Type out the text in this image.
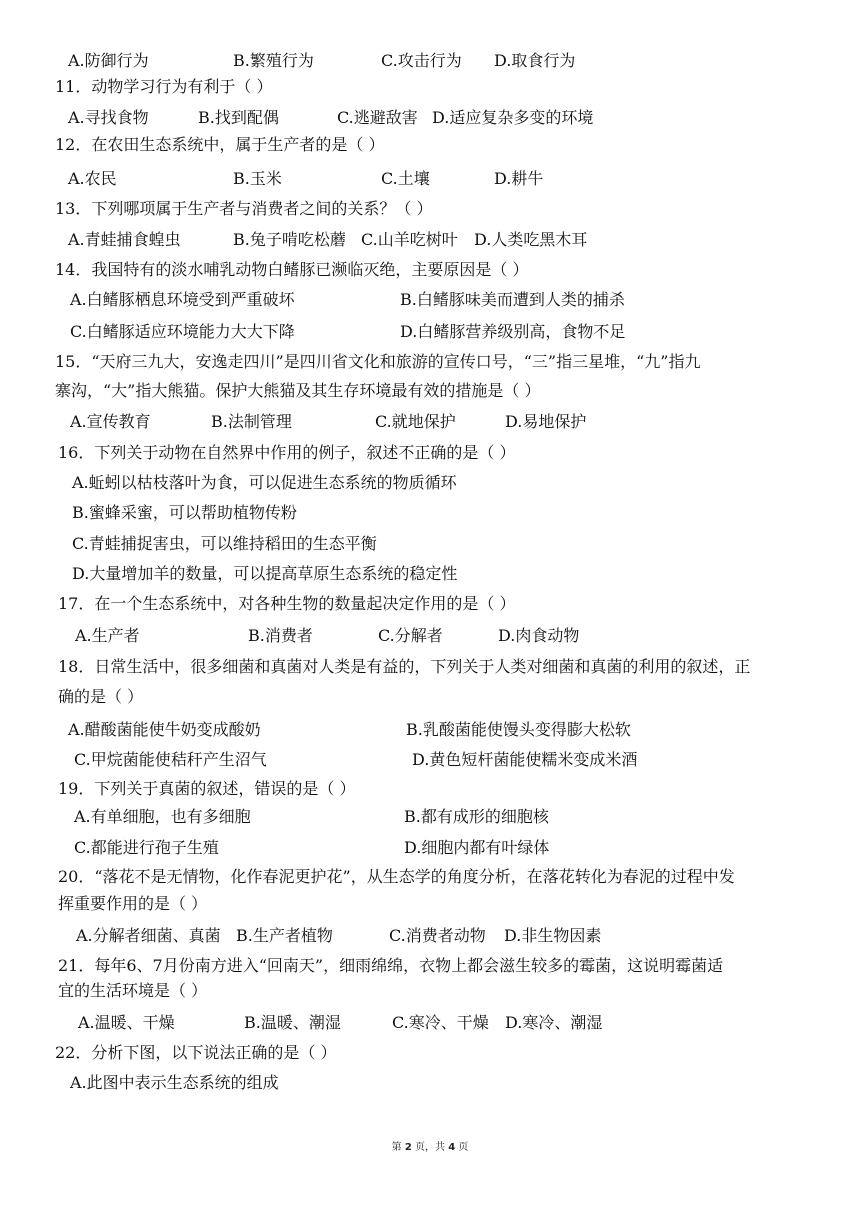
A.防御行为	B.繁殖行为	C.攻击行为 D.取食行为
11．动物学习行为有利于（ ）
A.寻找食物	B.找到配偶	C.逃避敌害 D.适应复杂多变的环境
12．在农田生态系统中，属于生产者的是（ ）
A.农民	B.玉米	C.土壤	D.耕牛
13．下列哪项属于生产者与消费者之间的关系？（ ）
A.青蛙捕食蝗虫	B.兔子啃吃松蘑 C.山羊吃树叶 D.人类吃黑木耳
14．我国特有的淡水哺乳动物白鳍豚已濒临灭绝，主要原因是（ ）
A.白鳍豚栖息环境受到严重破坏	B.白鳍豚味美而遭到人类的捕杀
C.白鳍豚适应环境能力大大下降	D.白鳍豚营养级别高，食物不足
15．“天府三九大，安逸走四川”是四川省文化和旅游的宣传口号，“三”指三星堆，“九”指九
寨沟，“大”指大熊猫。保护大熊猫及其生存环境最有效的措施是（ ）
A.宣传教育	B.法制管理	C.就地保护	D.易地保护
16．下列关于动物在自然界中作用的例子，叙述不正确的是（ ）
A.蚯蚓以枯枝落叶为食，可以促进生态系统的物质循环
B.蜜蜂采蜜，可以帮助植物传粉
C.青蛙捕捉害虫，可以维持稻田的生态平衡
D.大量增加羊的数量，可以提高草原生态系统的稳定性
17．在一个生态系统中，对各种生物的数量起决定作用的是（ ）
A.生产者	B.消费者	C.分解者	D.肉食动物
18．日常生活中，很多细菌和真菌对人类是有益的，下列关于人类对细菌和真菌的利用的叙述，正
确的是（ ）
A.醋酸菌能使牛奶变成酸奶	B.乳酸菌能使馒头变得膨大松软
C.甲烷菌能使秸秆产生沼气	D.黄色短杆菌能使糯米变成米酒
19．下列关于真菌的叙述，错误的是（ ）
A.有单细胞，也有多细胞	B.都有成形的细胞核
C.都能进行孢子生殖	D.细胞内都有叶绿体
20．“落花不是无情物，化作春泥更护花”，从生态学的角度分析，在落花转化为春泥的过程中发
挥重要作用的是（ ）
A.分解者细菌、真菌 B.生产者植物	C.消费者动物 D.非生物因素
21．每年6、7月份南方进入“回南天”，细雨绵绵，衣物上都会滋生较多的霉菌，这说明霉菌适
宜的生活环境是（ ）
A.温暖、干燥	B.温暖、潮湿	C.寒冷、干燥 D.寒冷、潮湿
22．分析下图，以下说法正确的是（ ）
A.此图中表示生态系统的组成
第 2 页，共 4 页
